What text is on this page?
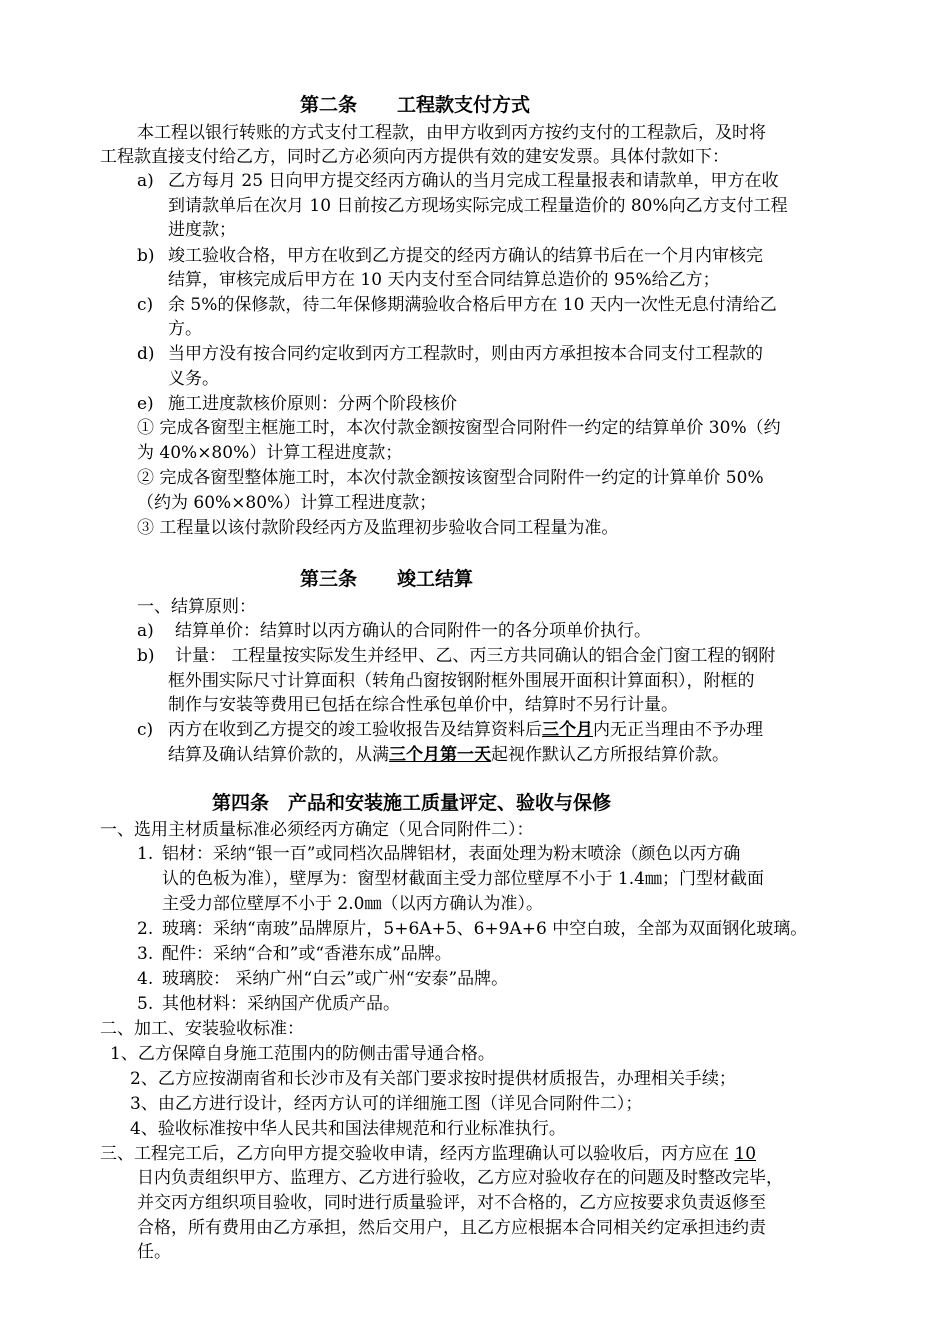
第二条 工程款支付方式
本工程以银行转账的方式支付工程款，由甲方收到丙方按约支付的工程款后，及时将
工程款直接支付给乙方，同时乙方必须向丙方提供有效的建安发票。具体付款如下：
a) 乙方每月 25 日向甲方提交经丙方确认的当月完成工程量报表和请款单，甲方在收
到请款单后在次月 10 日前按乙方现场实际完成工程量造价的 80%向乙方支付工程
进度款；
b) 竣工验收合格，甲方在收到乙方提交的经丙方确认的结算书后在一个月内审核完
结算，审核完成后甲方在 10 天内支付至合同结算总造价的 95%给乙方；
c) 余 5%的保修款，待二年保修期满验收合格后甲方在 10 天内一次性无息付清给乙
方。
d) 当甲方没有按合同约定收到丙方工程款时，则由丙方承担按本合同支付工程款的
义务。
e) 施工进度款核价原则：分两个阶段核价
① 完成各窗型主框施工时，本次付款金额按窗型合同附件一约定的结算单价 30%（约
为 40%×80%）计算工程进度款；
② 完成各窗型整体施工时，本次付款金额按该窗型合同附件一约定的计算单价 50%
（约为 60%×80%）计算工程进度款；
③ 工程量以该付款阶段经丙方及监理初步验收合同工程量为准。
第三条 竣工结算
一、结算原则：
a) 结算单价：结算时以丙方确认的合同附件一的各分项单价执行。
b) 计量： 工程量按实际发生并经甲、乙、丙三方共同确认的铝合金门窗工程的钢附
框外围实际尺寸计算面积（转角凸窗按钢附框外围展开面积计算面积），附框的
制作与安装等费用已包括在综合性承包单价中，结算时不另行计量。
c) 丙方在收到乙方提交的竣工验收报告及结算资料后三个月内无正当理由不予办理
结算及确认结算价款的，从满三个月第一天起视作默认乙方所报结算价款。
第四条　产品和安装施工质量评定、验收与保修
一、选用主材质量标准必须经丙方确定（见合同附件二）：
1. 铝材：采纳“银一百”或同档次品牌铝材，表面处理为粉末喷涂（颜色以丙方确
认的色板为准），壁厚为：窗型材截面主受力部位壁厚不小于 1.4㎜；门型材截面
主受力部位壁厚不小于 2.0㎜（以丙方确认为准）。
2. 玻璃：采纳“南玻”品牌原片，5+6A+5、6+9A+6 中空白玻，全部为双面钢化玻璃。
3. 配件：采纳“合和”或“香港东成”品牌。
4. 玻璃胶： 采纳广州“白云”或广州“安泰”品牌。
5. 其他材料：采纳国产优质产品。
二、加工、安装验收标准：
1、乙方保障自身施工范围内的防侧击雷导通合格。
2、乙方应按湖南省和长沙市及有关部门要求按时提供材质报告，办理相关手续；
3、由乙方进行设计，经丙方认可的详细施工图（详见合同附件二）；
4、验收标准按中华人民共和国法律规范和行业标准执行。
三、工程完工后，乙方向甲方提交验收申请，经丙方监理确认可以验收后，丙方应在 10
日内负责组织甲方、监理方、乙方进行验收，乙方应对验收存在的问题及时整改完毕，
并交丙方组织项目验收，同时进行质量验评，对不合格的，乙方应按要求负责返修至
合格，所有费用由乙方承担，然后交用户，且乙方应根据本合同相关约定承担违约责
任。
